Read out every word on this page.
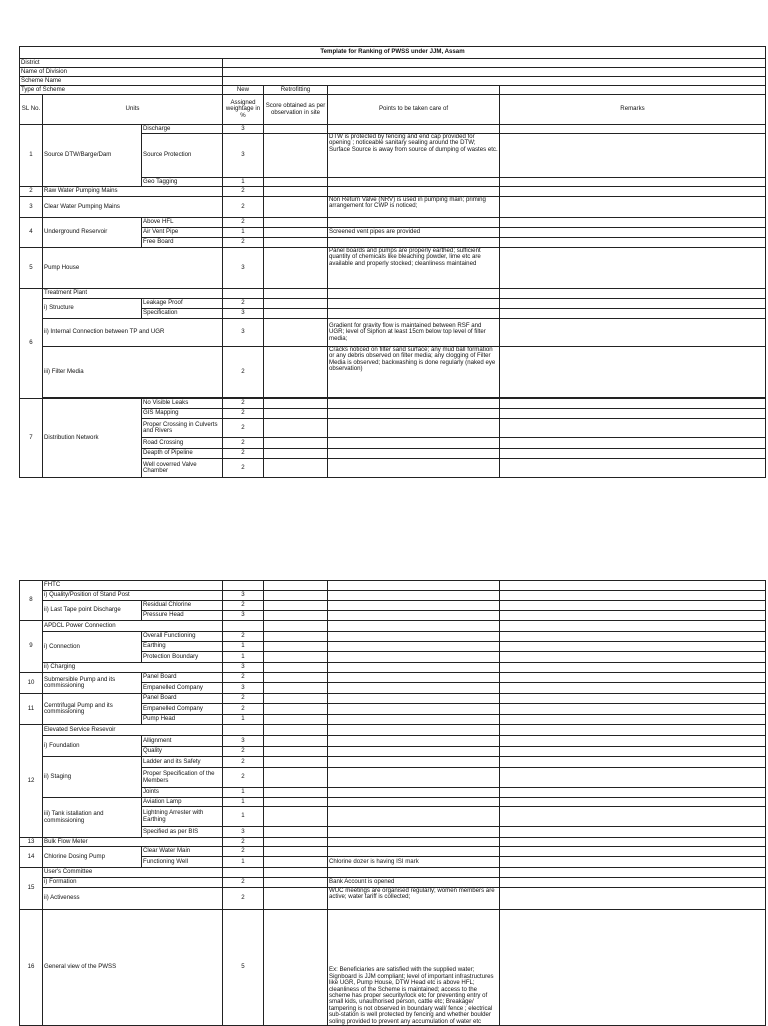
Template for Ranking of PWSS under JJM, Assam						
District						
Name of Division						
Scheme Name						
Type of Scheme			New	Retrofitting		
SL No.	Units		Assigned weightage in %	Score obtained as per observation in site	Points to be taken care of	Remarks
1	Source DTW/Barge/Dam	Discharge	3			
		Source Protection	3		DTW is protected by fencing and end cap provided for opening ; noticeable sanitary sealing around the DTW; Surface Source is away from source of dumping of wastes etc.	
		Geo Tagging	1			
2	Raw Water Pumping Mains		2			
3	Clear Water Pumping Mains		2		Non Return Valve (NRV) is used in pumping main; priming arrangement for CWP is noticed;	
4	Underground Reservoir	Above HFL	2			
		Air Vent Pipe	1		Screened vent pipes are provided	
		Free Board	2			
5	Pump House		3		Panel boards and pumps are properly earthed; sufficient quantity of chemicals like bleaching powder, lime etc are available and properly stocked; cleanliness maintained	
6	Treatment Plant					
	i) Structure	Leakage Proof	2			
		Specification	3			
	ii) Internal Connection between TP and UGR		3		Gradient for gravity flow is maintained between RSF and UGR; level of Siphon at least 15cm below top level of filter media;	
	iii) Filter Media		2		Cracks noticed on filter sand surface; any mud ball formation or any debris observed on filter media; any clogging of Filter Media is observed; backwashing is done regularly (naked eye observation)	

7	Distribution Network	No Visible Leaks	2			
		GIS Mapping	2			
		Proper Crossing in Culverts and Rivers	2			
		Road Crossing	2			
		Deapth of Pipeline	2			
		Well coverred Valve Chamber	2			
8	FHTC					
	i) Quality/Position of Stand Post		3			
	ii) Last Tape point Discharge	Residual Chlorine	2			
		Pressure Head	3			
9	APDCL Power Connection					
	i) Connection	Overall Functioning	2			
		Earthing	1			
		Protection Boundary	1			
	ii) Charging		3			
10	Submersible Pump and its commissioning	Panel Board	2			
		Empanelled Company	3			
11	Cerntrifugal Pump and its commissioning	Panel Board	2			
		Empanelled Company	2			
		Pump Head	1			
12	Elevated Service Resevoir					
	i) Foundation	Allignment	3			
		Quality	2			
	ii) Staging	Ladder and its Safety	2			
		Proper Specification of the Members	2			
		Joints	1			
	iii) Tank istallation and commissioning	Aviation Lamp	1			
		Lightning Arrester with Earthing	1			
		Specified as per BIS	3			
13	Bulk Flow Meter		2			
14	Chlorine Dosing Pump	Clear Water Main	2			
		Functioning Well	1		Chlorine dozer is having ISI mark	
15	User's Committee					
	i) Formation		2		Bank Account is opened	
	ii) Activeness		2		WUC meetings are organised regularly; women members are active; water tariff is collected;	
16	General view of the PWSS		5		Ex: Beneficiaries are satisfied with the supplied water; Signboard is JJM compliant; level of important infrastructures like UGR, Pump House, DTW Head etc is above HFL; cleanliness of the Scheme is maintained; access to the scheme has proper security/lock etc for preventing entry of small kids, unauthorised person, cattle etc; Breakage/ tampering is not observed in boundary wall/ fence ; electrical sub-station is well protected by fencing and whether boulder soling provided to prevent any accumulation of water etc	
